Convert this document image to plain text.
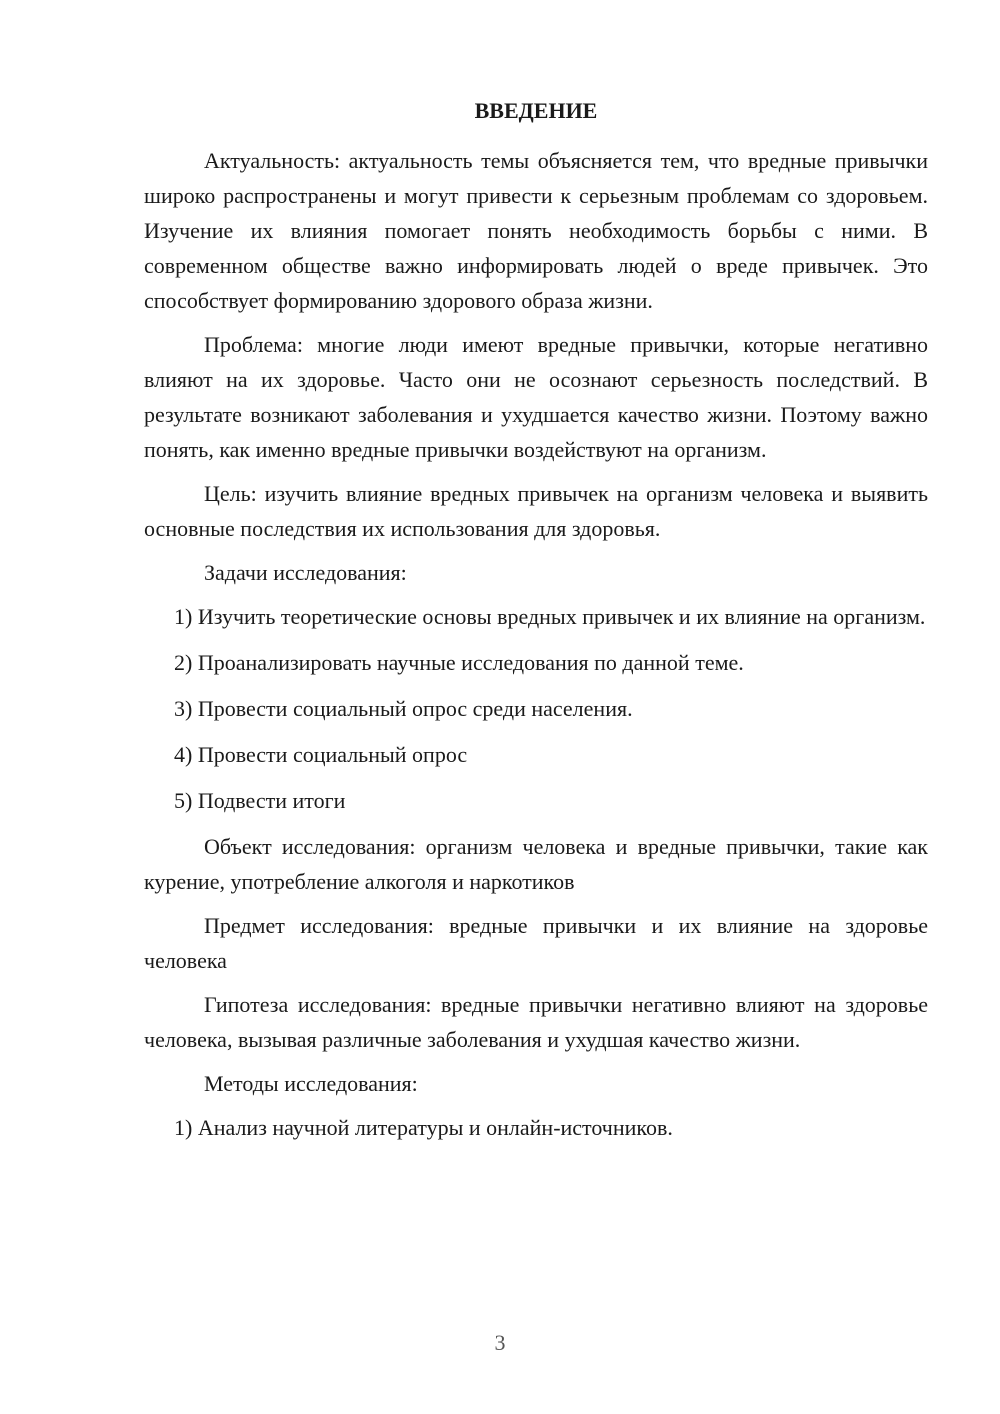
ВВЕДЕНИЕ

Актуальность: актуальность темы объясняется тем, что вредные привычки широко распространены и могут привести к серьезным проблемам со здоровьем. Изучение их влияния помогает понять необходимость борьбы с ними. В современном обществе важно информировать людей о вреде привычек. Это способствует формированию здорового образа жизни.

Проблема: многие люди имеют вредные привычки, которые негативно влияют на их здоровье. Часто они не осознают серьезность последствий. В результате возникают заболевания и ухудшается качество жизни. Поэтому важно понять, как именно вредные привычки воздействуют на организм.

Цель: изучить влияние вредных привычек на организм человека и выявить основные последствия их использования для здоровья.

Задачи исследования:

1) Изучить теоретические основы вредных привычек и их влияние на организм.

2) Проанализировать научные исследования по данной теме.

3) Провести социальный опрос среди населения.

4) Провести социальный опрос

5) Подвести итоги

Объект исследования: организм человека и вредные привычки, такие как курение, употребление алкоголя и наркотиков

Предмет исследования: вредные привычки и их влияние на здоровье человека

Гипотеза исследования: вредные привычки негативно влияют на здоровье человека, вызывая различные заболевания и ухудшая качество жизни.

Методы исследования:

1) Анализ научной литературы и онлайн-источников.

3
